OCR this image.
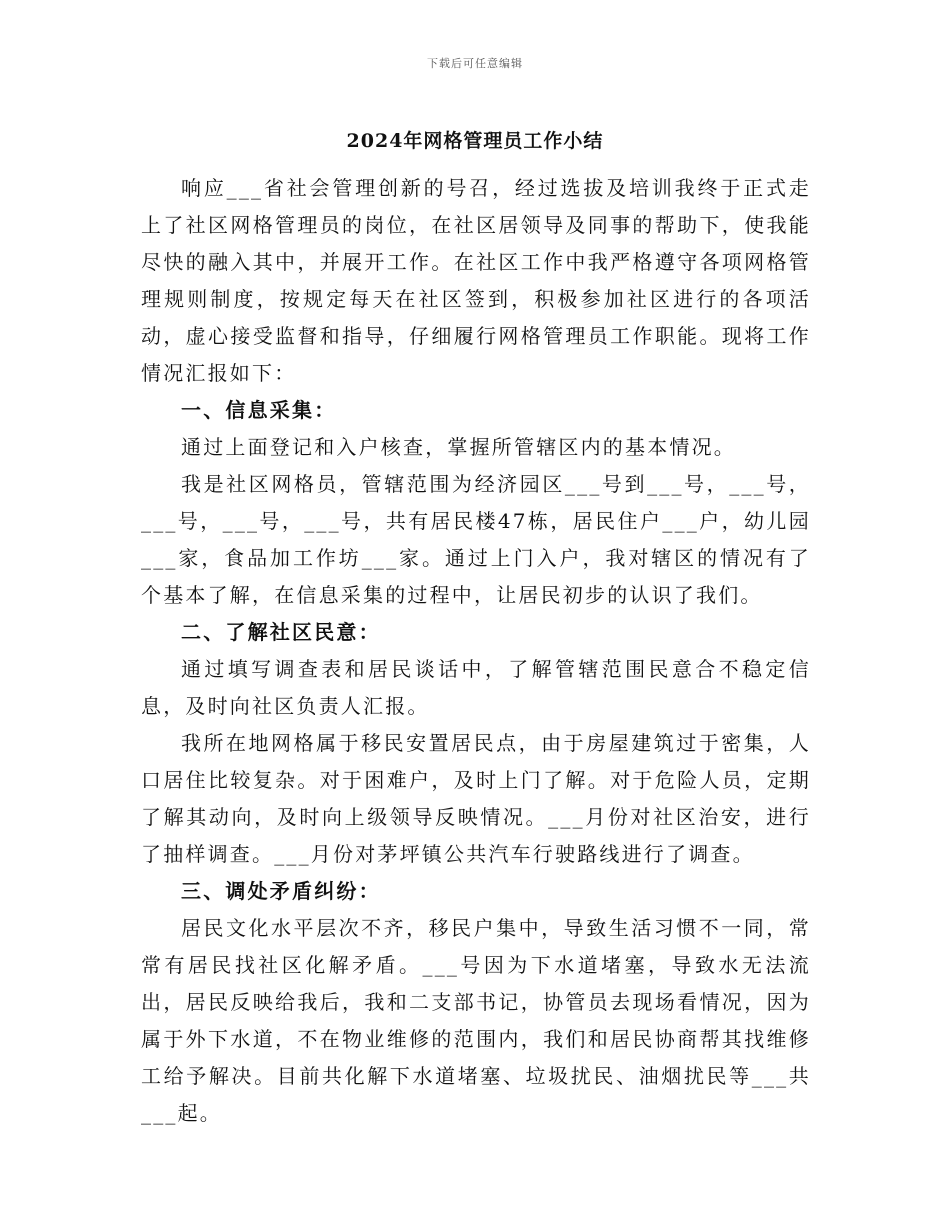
下载后可任意编辑
2024年网格管理员工作小结

响应___省社会管理创新的号召，经过选拔及培训我终于正式走上了社区网格管理员的岗位，在社区居领导及同事的帮助下，使我能尽快的融入其中，并展开工作。在社区工作中我严格遵守各项网格管理规则制度，按规定每天在社区签到，积极参加社区进行的各项活动，虚心接受监督和指导，仔细履行网格管理员工作职能。现将工作情况汇报如下：

一、信息采集：

通过上面登记和入户核查，掌握所管辖区内的基本情况。

我是社区网格员，管辖范围为经济园区___号到___号，___号，___号，___号，___号，共有居民楼47栋，居民住户___户，幼儿园___家，食品加工作坊___家。通过上门入户，我对辖区的情况有了个基本了解，在信息采集的过程中，让居民初步的认识了我们。

二、了解社区民意：

通过填写调查表和居民谈话中，了解管辖范围民意合不稳定信息，及时向社区负责人汇报。

我所在地网格属于移民安置居民点，由于房屋建筑过于密集，人口居住比较复杂。对于困难户，及时上门了解。对于危险人员，定期了解其动向，及时向上级领导反映情况。___月份对社区治安，进行了抽样调查。___月份对茅坪镇公共汽车行驶路线进行了调查。

三、调处矛盾纠纷：

居民文化水平层次不齐，移民户集中，导致生活习惯不一同，常常有居民找社区化解矛盾。___号因为下水道堵塞，导致水无法流出，居民反映给我后，我和二支部书记，协管员去现场看情况，因为属于外下水道，不在物业维修的范围内，我们和居民协商帮其找维修工给予解决。目前共化解下水道堵塞、垃圾扰民、油烟扰民等___共___起。
